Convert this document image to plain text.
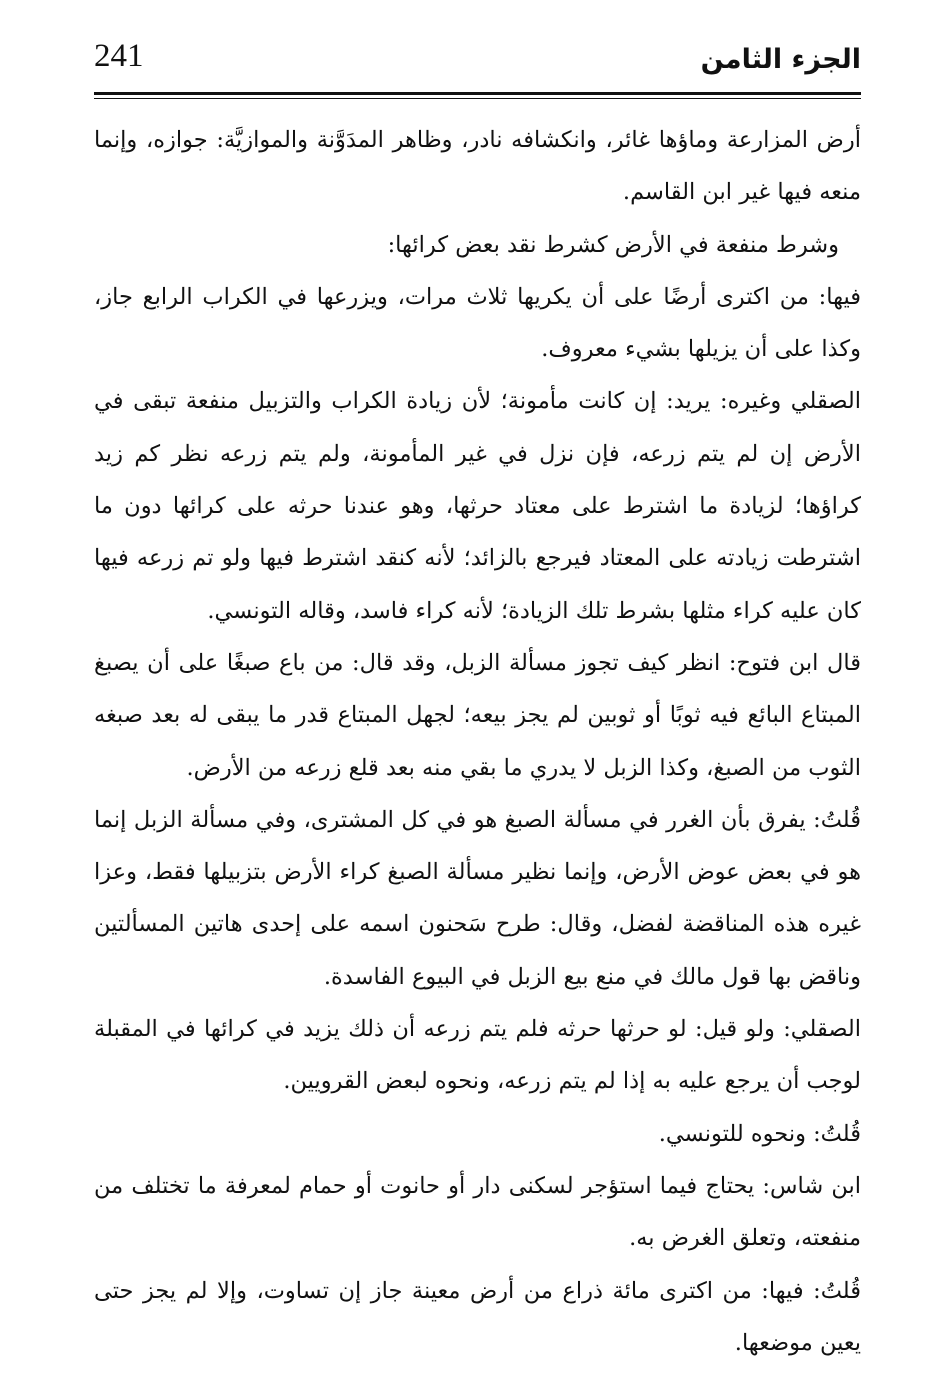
241	الجزء الثامن

أرض المزارعة وماؤها غائر، وانكشافه نادر، وظاهر المدَوَّنة والموازيَّة: جوازه، وإنما منعه فيها غير ابن القاسم.

وشرط منفعة في الأرض كشرط نقد بعض كرائها:

فيها: من اكترى أرضًا على أن يكريها ثلاث مرات، ويزرعها في الكراب الرابع جاز، وكذا على أن يزيلها بشيء معروف.

الصقلي وغيره: يريد: إن كانت مأمونة؛ لأن زيادة الكراب والتزبيل منفعة تبقى في الأرض إن لم يتم زرعه، فإن نزل في غير المأمونة، ولم يتم زرعه نظر كم زيد كراؤها؛ لزيادة ما اشترط على معتاد حرثها، وهو عندنا حرثه على كرائها دون ما اشترطت زيادته على المعتاد فيرجع بالزائد؛ لأنه كنقد اشترط فيها ولو تم زرعه فيها كان عليه كراء مثلها بشرط تلك الزيادة؛ لأنه كراء فاسد، وقاله التونسي.

قال ابن فتوح: انظر كيف تجوز مسألة الزبل، وقد قال: من باع صبغًا على أن يصبغ المبتاع البائع فيه ثوبًا أو ثوبين لم يجز بيعه؛ لجهل المبتاع قدر ما يبقى له بعد صبغه الثوب من الصبغ، وكذا الزبل لا يدري ما بقي منه بعد قلع زرعه من الأرض.

قُلتُ: يفرق بأن الغرر في مسألة الصبغ هو في كل المشترى، وفي مسألة الزبل إنما هو في بعض عوض الأرض، وإنما نظير مسألة الصبغ كراء الأرض بتزبيلها فقط، وعزا غيره هذه المناقضة لفضل، وقال: طرح سَحنون اسمه على إحدى هاتين المسألتين وناقض بها قول مالك في منع بيع الزبل في البيوع الفاسدة.

الصقلي: ولو قيل: لو حرثها حرثه فلم يتم زرعه أن ذلك يزيد في كرائها في المقبلة لوجب أن يرجع عليه به إذا لم يتم زرعه، ونحوه لبعض القرويين.

قُلتُ: ونحوه للتونسي.

ابن شاس: يحتاج فيما استؤجر لسكنى دار أو حانوت أو حمام لمعرفة ما تختلف من منفعته، وتعلق الغرض به.

قُلتُ: فيها: من اكترى مائة ذراع من أرض معينة جاز إن تساوت، وإلا لم يجز حتى يعين موضعها.
